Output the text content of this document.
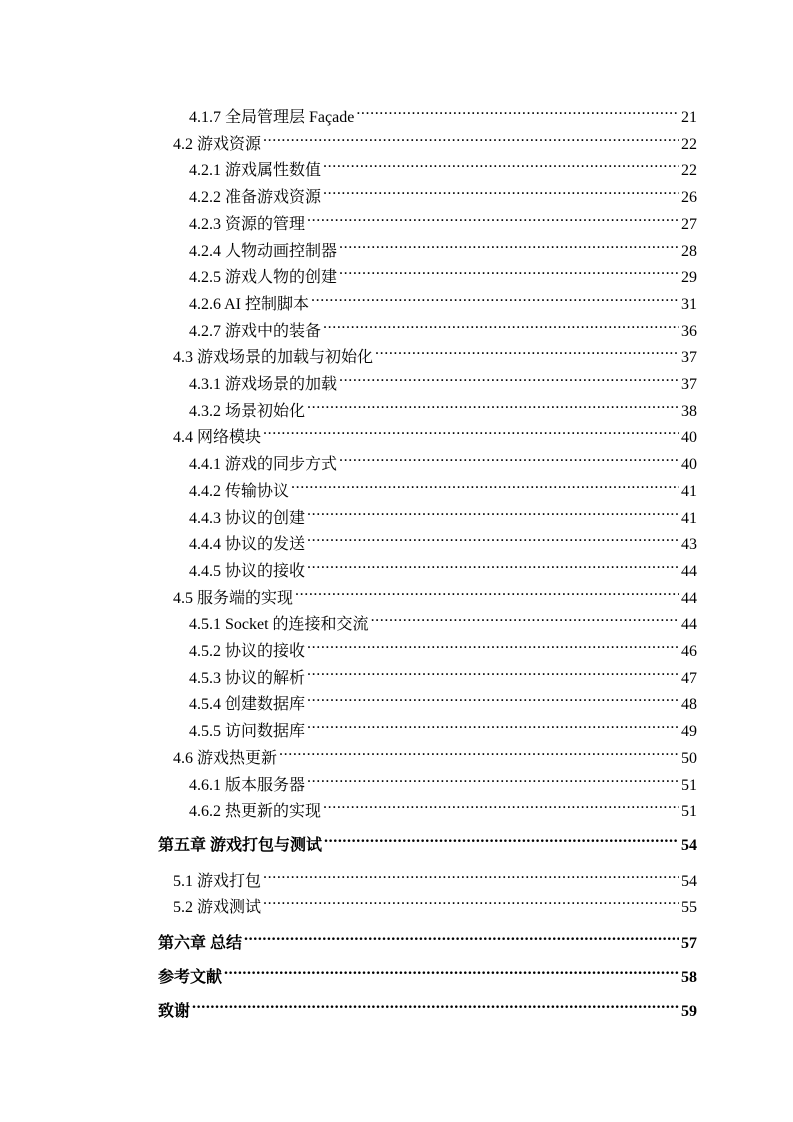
4.1.7 全局管理层 Façade .....	21
4.2 游戏资源 .....	22
4.2.1 游戏属性数值 .....	22
4.2.2 准备游戏资源 .....	26
4.2.3 资源的管理 .....	27
4.2.4 人物动画控制器 .....	28
4.2.5 游戏人物的创建 .....	29
4.2.6 AI 控制脚本 .....	31
4.2.7 游戏中的装备 .....	36
4.3 游戏场景的加载与初始化 .....	37
4.3.1 游戏场景的加载 .....	37
4.3.2 场景初始化 .....	38
4.4 网络模块 .....	40
4.4.1 游戏的同步方式 .....	40
4.4.2 传输协议 .....	41
4.4.3 协议的创建 .....	41
4.4.4 协议的发送 .....	43
4.4.5 协议的接收 .....	44
4.5 服务端的实现 .....	44
4.5.1 Socket 的连接和交流 .....	44
4.5.2 协议的接收 .....	46
4.5.3 协议的解析 .....	47
4.5.4 创建数据库 .....	48
4.5.5 访问数据库 .....	49
4.6 游戏热更新 .....	50
4.6.1 版本服务器 .....	51
4.6.2 热更新的实现 .....	51
第五章 游戏打包与测试 .....	54
5.1 游戏打包 .....	54
5.2 游戏测试 .....	55
第六章 总结 .....	57
参考文献 .....	58
致谢 .....	59
